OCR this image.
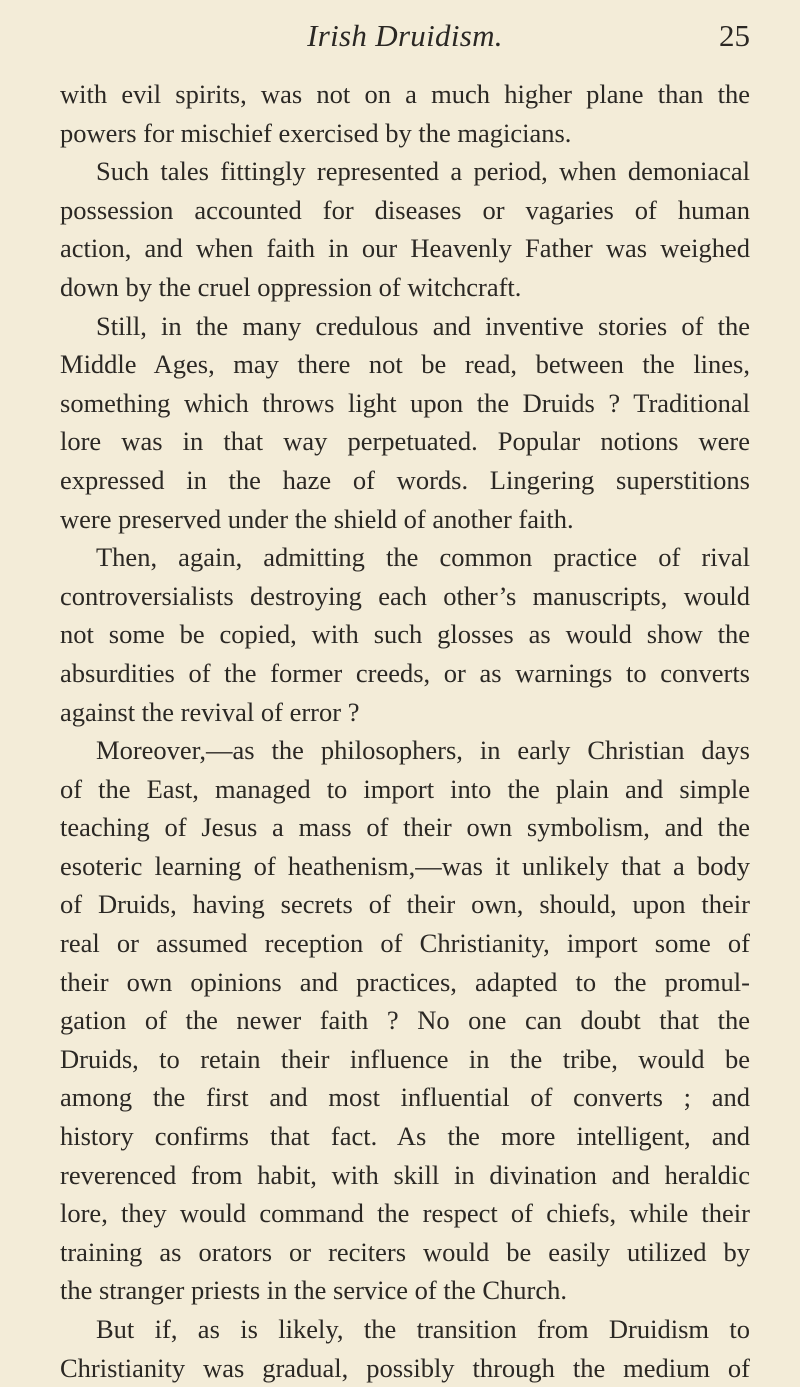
Irish Druidism.	25
with evil spirits, was not on a much higher plane than the
powers for mischief exercised by the magicians.
Such tales fittingly represented a period, when demoniacal
possession accounted for diseases or vagaries of human
action, and when faith in our Heavenly Father was weighed
down by the cruel oppression of witchcraft.
Still, in the many credulous and inventive stories of the
Middle Ages, may there not be read, between the lines,
something which throws light upon the Druids ? Traditional
lore was in that way perpetuated. Popular notions were
expressed in the haze of words. Lingering superstitions
were preserved under the shield of another faith.
Then, again, admitting the common practice of rival
controversialists destroying each other’s manuscripts, would
not some be copied, with such glosses as would show the
absurdities of the former creeds, or as warnings to converts
against the revival of error ?
Moreover,—as the philosophers, in early Christian days
of the East, managed to import into the plain and simple
teaching of Jesus a mass of their own symbolism, and the
esoteric learning of heathenism,—was it unlikely that a body
of Druids, having secrets of their own, should, upon their
real or assumed reception of Christianity, import some of
their own opinions and practices, adapted to the promul-
gation of the newer faith ? No one can doubt that the
Druids, to retain their influence in the tribe, would be
among the first and most influential of converts ; and
history confirms that fact. As the more intelligent, and
reverenced from habit, with skill in divination and heraldic
lore, they would command the respect of chiefs, while their
training as orators or reciters would be easily utilized by
the stranger priests in the service of the Church.
But if, as is likely, the transition from Druidism to
Christianity was gradual, possibly through the medium of
